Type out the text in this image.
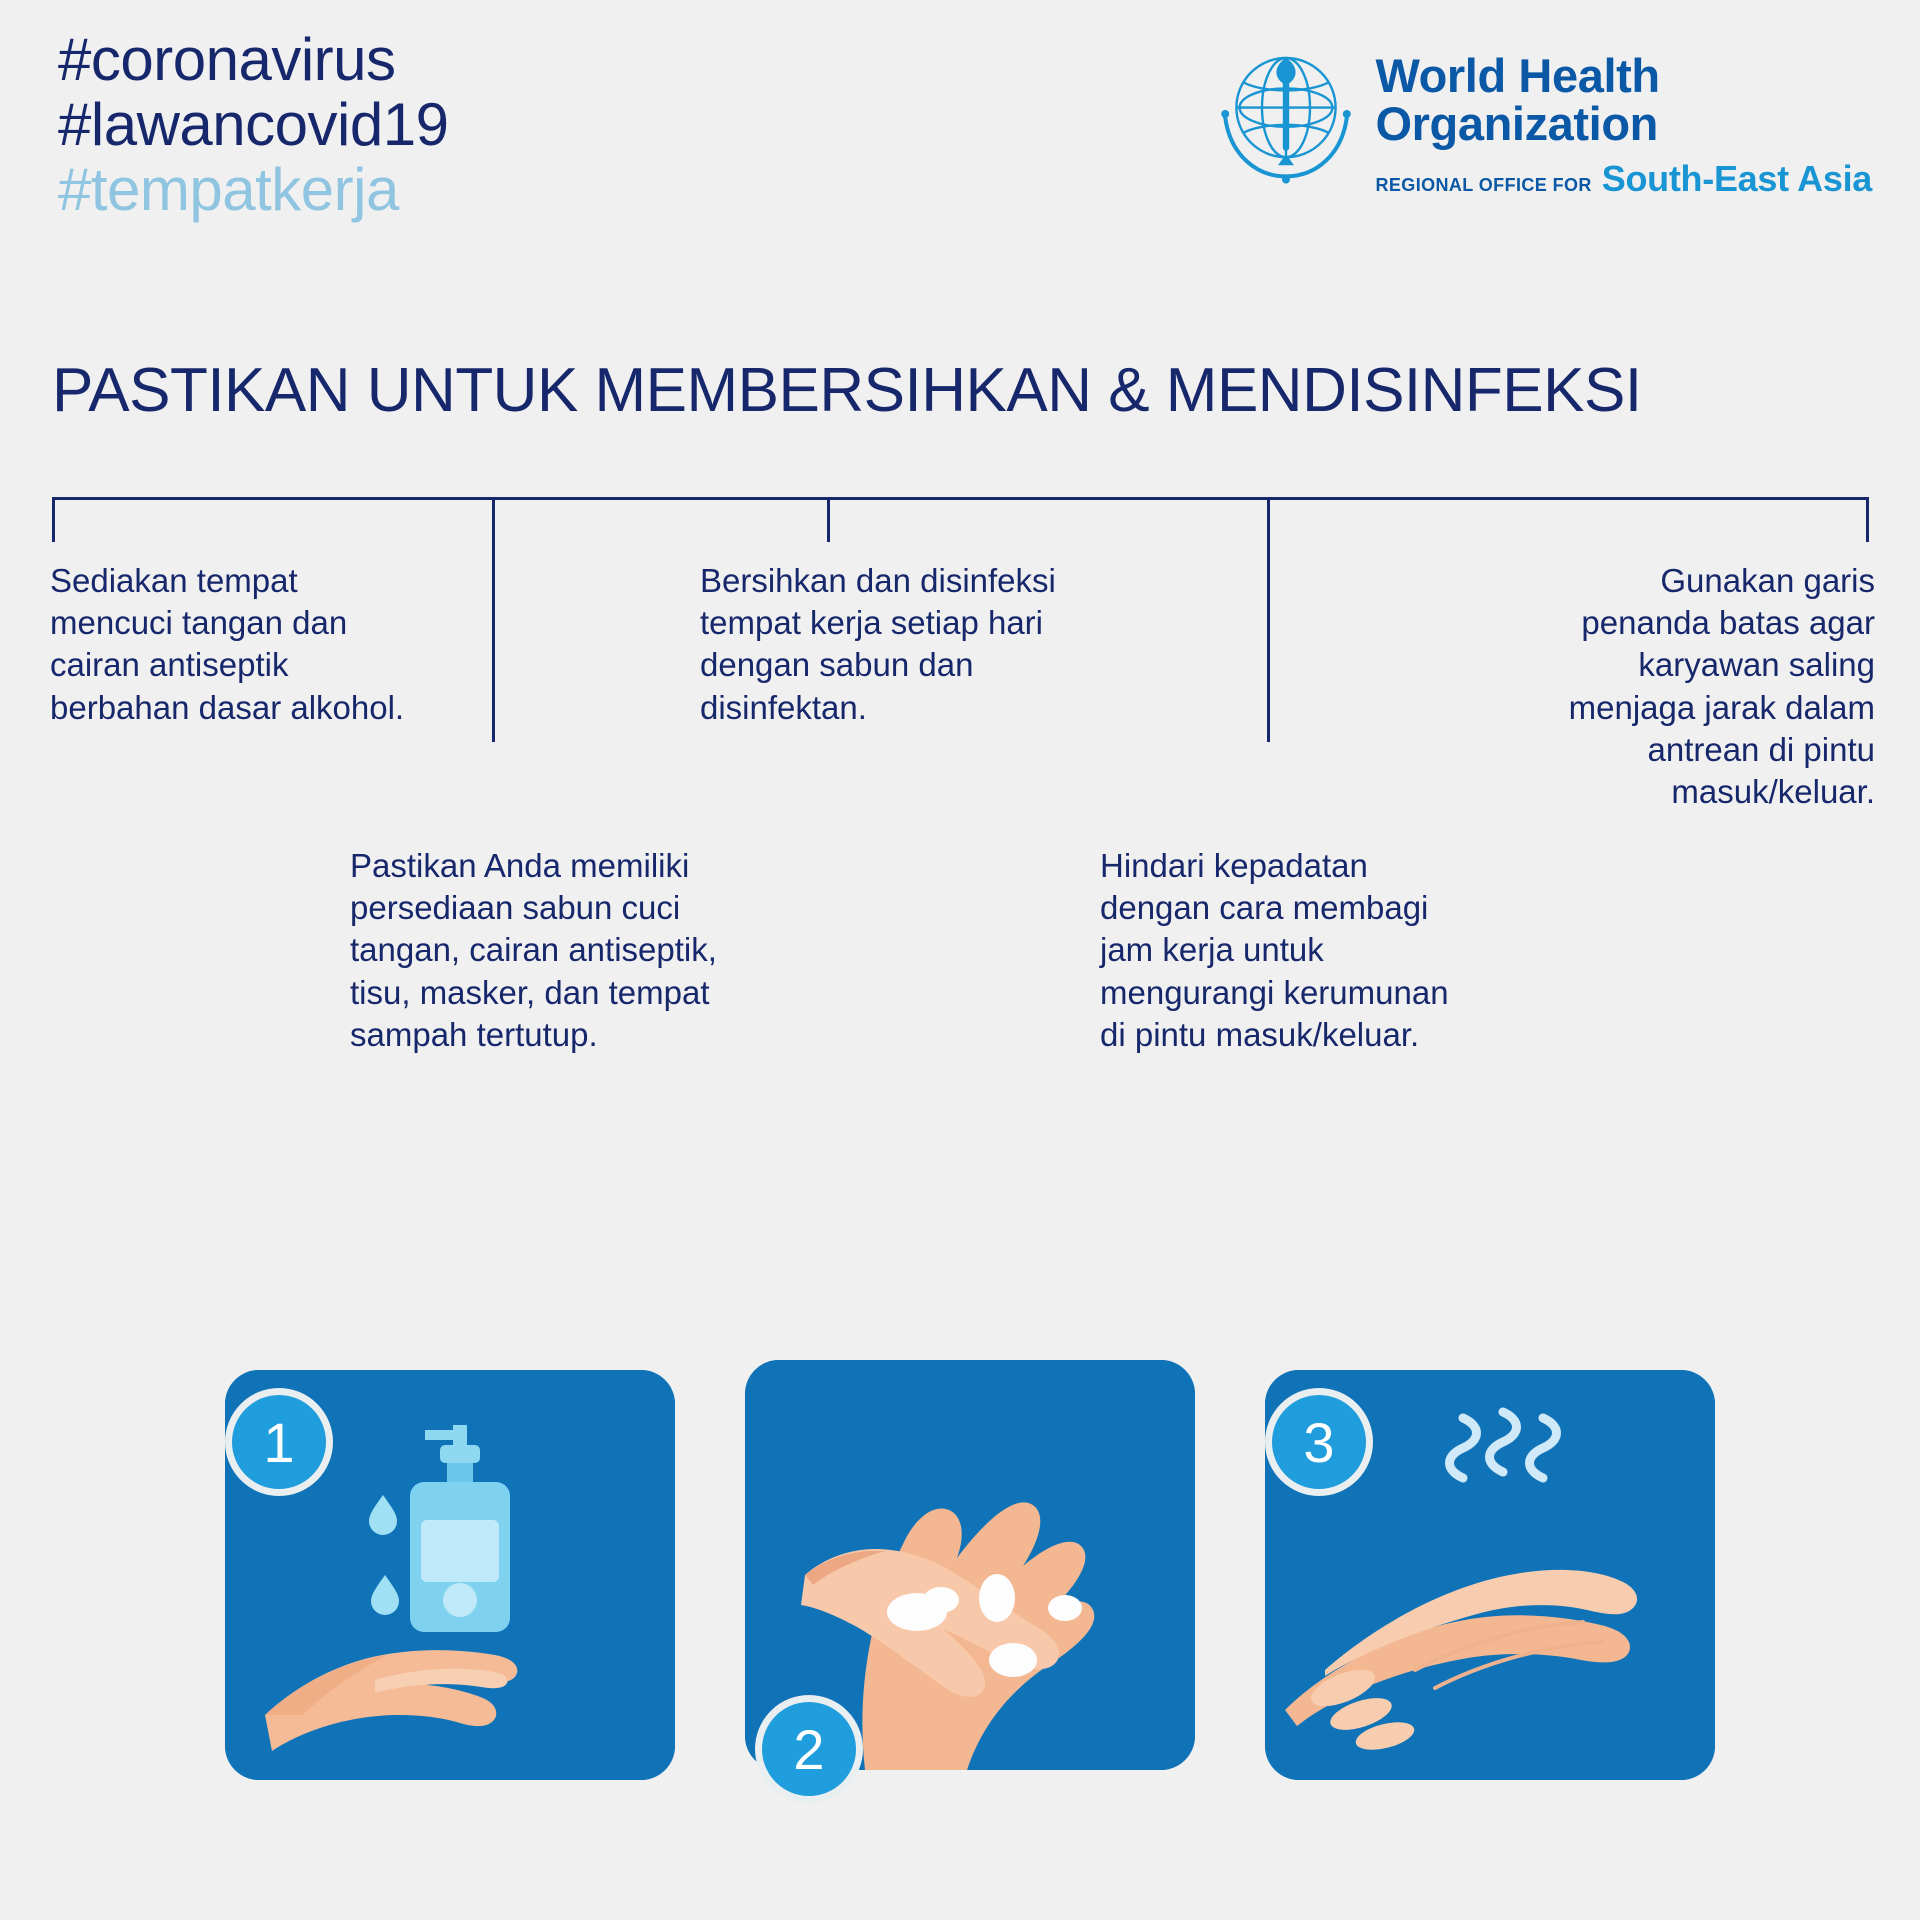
#coronavirus
#lawancovid19
#tempatkerja
World Health
Organization
REGIONAL OFFICE FOR South-East Asia
PASTIKAN UNTUK MEMBERSIHKAN & MENDISINFEKSI
Sediakan tempat mencuci tangan dan cairan antiseptik berbahan dasar alkohol.
Pastikan Anda memiliki persediaan sabun cuci tangan, cairan antiseptik, tisu, masker, dan tempat sampah tertutup.
Bersihkan dan disinfeksi tempat kerja setiap hari dengan sabun dan disinfektan.
Hindari kepadatan dengan cara membagi jam kerja untuk mengurangi kerumunan di pintu masuk/keluar.
Gunakan garis penanda batas agar karyawan saling menjaga jarak dalam antrean di pintu masuk/keluar.
1
2
3
